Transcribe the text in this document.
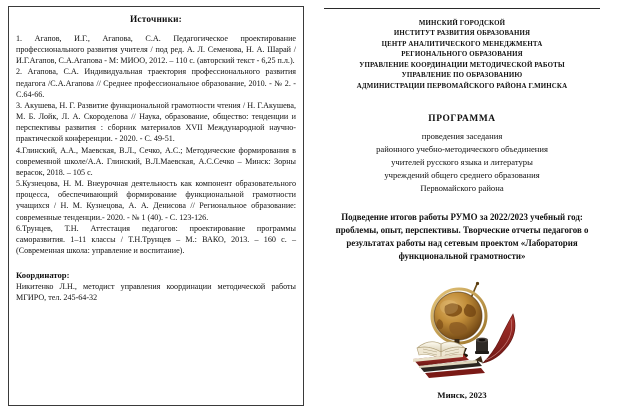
Источники:

1. Агапов, И.Г., Агапова, С.А. Педагогическое проектирование профессионального развития учителя / под ред. А. Л. Семенова, Н. А. Шарай /И.Г.Агапов, С.А.Агапова - М: МИОО, 2012. – 110 с. (авторский текст - 6,25 п.л.).

2. Агапова, С.А. Индивидуальная траектория профессионального развития педагога /С.А.Агапова // Среднее профессиональное образование, 2010. - № 2. - С.64-66.

3. Акушева, Н. Г. Развитие функциональной грамотности чтения / Н. Г.Акушева, М. Б. Лойк, Л. А. Скороделова // Наука, образование, общество: тенденции и перспективы развития : сборник материалов XVII Международной научно-практической конференции. - 2020. - С. 49-51.

4.Глинский, А.А., Маевская, В.Л., Сечко, А.С.; Методические формирования в современной школе/А.А. Глинский, В.Л.Маевская, А.С.Сечко – Минск: Зорны верасок, 2018. – 105 с.

5.Кузнецова, Н. М. Внеурочная деятельность как компонент образовательного процесса, обеспечивающий формирование функциональной грамотности учащихся / Н. М. Кузнецова, А. А. Денисова // Региональное образование: современные тенденции.- 2020. - № 1 (40). - С. 123-126.

6.Трунцев, Т.Н. Аттестация педагогов: проектирование программы саморазвития. 1–11 классы / Т.Н.Трунцев – М.: ВАКО, 2013. – 160 с. – (Современная школа: управление и воспитание).

Координатор:
Никитенко Л.Н., методист управления координации методической работы МГИРО, тел. 245-64-32
МИНСКИЙ ГОРОДСКОЙ
ИНСТИТУТ РАЗВИТИЯ ОБРАЗОВАНИЯ
ЦЕНТР АНАЛИТИЧЕСКОГО МЕНЕДЖМЕНТА
РЕГИОНАЛЬНОГО ОБРАЗОВАНИЯ
УПРАВЛЕНИЕ КООРДИНАЦИИ МЕТОДИЧЕСКОЙ РАБОТЫ
УПРАВЛЕНИЕ ПО ОБРАЗОВАНИЮ
АДМИНИСТРАЦИИ ПЕРВОМАЙСКОГО РАЙОНА Г.МИНСКА
ПРОГРАММА
проведения заседания
районного учебно-методического объединения
учителей русского языка и литературы
учреждений общего среднего образования
Первомайского района
Подведение итогов работы РУМО за 2022/2023 учебный год: проблемы, опыт, перспективы. Творческие отчеты педагогов о результатах работы над сетевым проектом «Лаборатория функциональной грамотности»
Минск, 2023
